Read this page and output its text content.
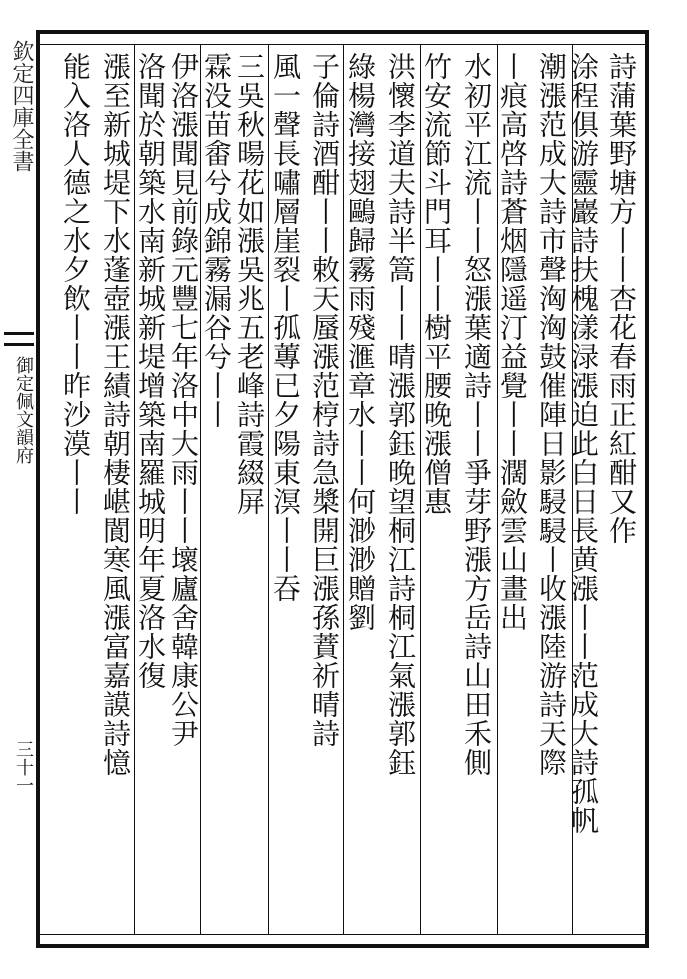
欽定四庫全書
御定佩文韻府
三十一
詩蒲葉野塘方丨丨杏花春雨正紅酣又作
涂程俱游靈巖詩扶槐漾渌漲迫此白日長黄漲丨丨范成大詩孤帆
潮漲范成大詩市聲洶洶鼓催陣日影駸駸丨收漲陸游詩天際
丨痕高啓詩蒼烟隱遥汀益覺丨丨濶斂雲山畫出
水初平江流丨丨怒漲葉適詩丨丨爭芽野漲方岳詩山田禾側
竹安流節斗門耳丨丨樹平腰晚漲僧惠
洪懷李道夫詩半篙丨丨晴漲郭鈺晚望桐江詩桐江氣漲郭鈺
綠楊灣接翅鷗歸霧雨殘滙章水丨丨何渺渺贈劉
子倫詩酒酣丨丨敕天蜃漲范梈詩急槳開巨漲孫蕡祈晴詩
風一聲長嘯層崖裂丨孤蓴已夕陽東溟丨丨吞
三吳秋暘花如漲吳兆五老峰詩霞綴屏
霖没苗畬兮成錦霧漏谷兮丨丨
伊洛漲聞見前錄元豐七年洛中大雨丨丨壞廬舍韓康公尹
洛聞於朝築水南新城新堤增築南羅城明年夏洛水復
漲至新城堤下水蓬壺漲王績詩朝棲嵁閬寒風漲富嘉謨詩憶
能入洛人德之水夕飲丨丨昨沙漠丨丨
